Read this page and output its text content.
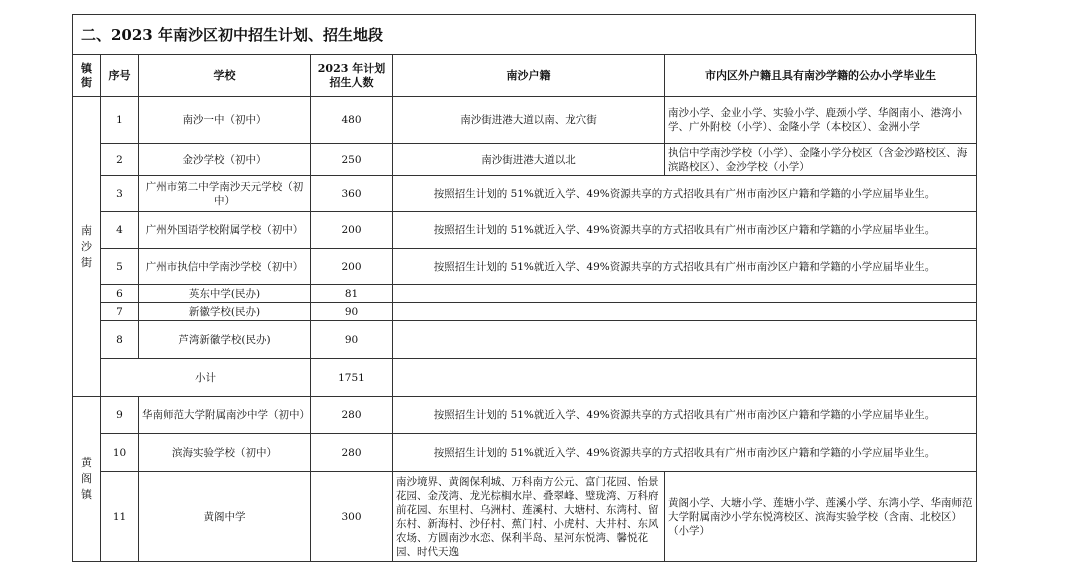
二、2023 年南沙区初中招生计划、招生地段
镇街	序号	学校	2023 年计划招生人数	南沙户籍	市内区外户籍且具有南沙学籍的公办小学毕业生
南沙街	1	南沙一中（初中）	480	南沙街进港大道以南、龙穴街	南沙小学、金业小学、实验小学、鹿颈小学、华阁南小、港湾小学、广外附校（小学）、金隆小学（本校区）、金洲小学
	2	金沙学校（初中）	250	南沙街进港大道以北	执信中学南沙学校（小学）、金隆小学分校区（含金沙路校区、海滨路校区）、金沙学校（小学）
	3	广州市第二中学南沙天元学校（初中）	360	按照招生计划的 51%就近入学、49%资源共享的方式招收具有广州市南沙区户籍和学籍的小学应届毕业生。	
	4	广州外国语学校附属学校（初中）	200	按照招生计划的 51%就近入学、49%资源共享的方式招收具有广州市南沙区户籍和学籍的小学应届毕业生。	
	5	广州市执信中学南沙学校（初中）	200	按照招生计划的 51%就近入学、49%资源共享的方式招收具有广州市南沙区户籍和学籍的小学应届毕业生。	
	6	英东中学(民办)	81		
	7	新徽学校(民办)	90		
	8	芦湾新徽学校(民办)	90		
	小计		1751		
黄阁镇	9	华南师范大学附属南沙中学（初中）	280	按照招生计划的 51%就近入学、49%资源共享的方式招收具有广州市南沙区户籍和学籍的小学应届毕业生。	
	10	滨海实验学校（初中）	280	按照招生计划的 51%就近入学、49%资源共享的方式招收具有广州市南沙区户籍和学籍的小学应届毕业生。	
	11	黄阁中学	300	南沙境界、黄阁保利城、万科南方公元、富门花园、怡景花园、金茂湾、龙光棕榈水岸、叠翠峰、璧珑湾、万科府前花园、东里村、乌洲村、莲溪村、大塘村、东湾村、留东村、新海村、沙仔村、蕉门村、小虎村、大井村、东风农场、方圆南沙水恋、保利半岛、星河东悦湾、馨悦花园、时代天逸	黄阁小学、大塘小学、莲塘小学、莲溪小学、东湾小学、华南师范大学附属南沙小学东悦湾校区、滨海实验学校（含南、北校区）（小学）
